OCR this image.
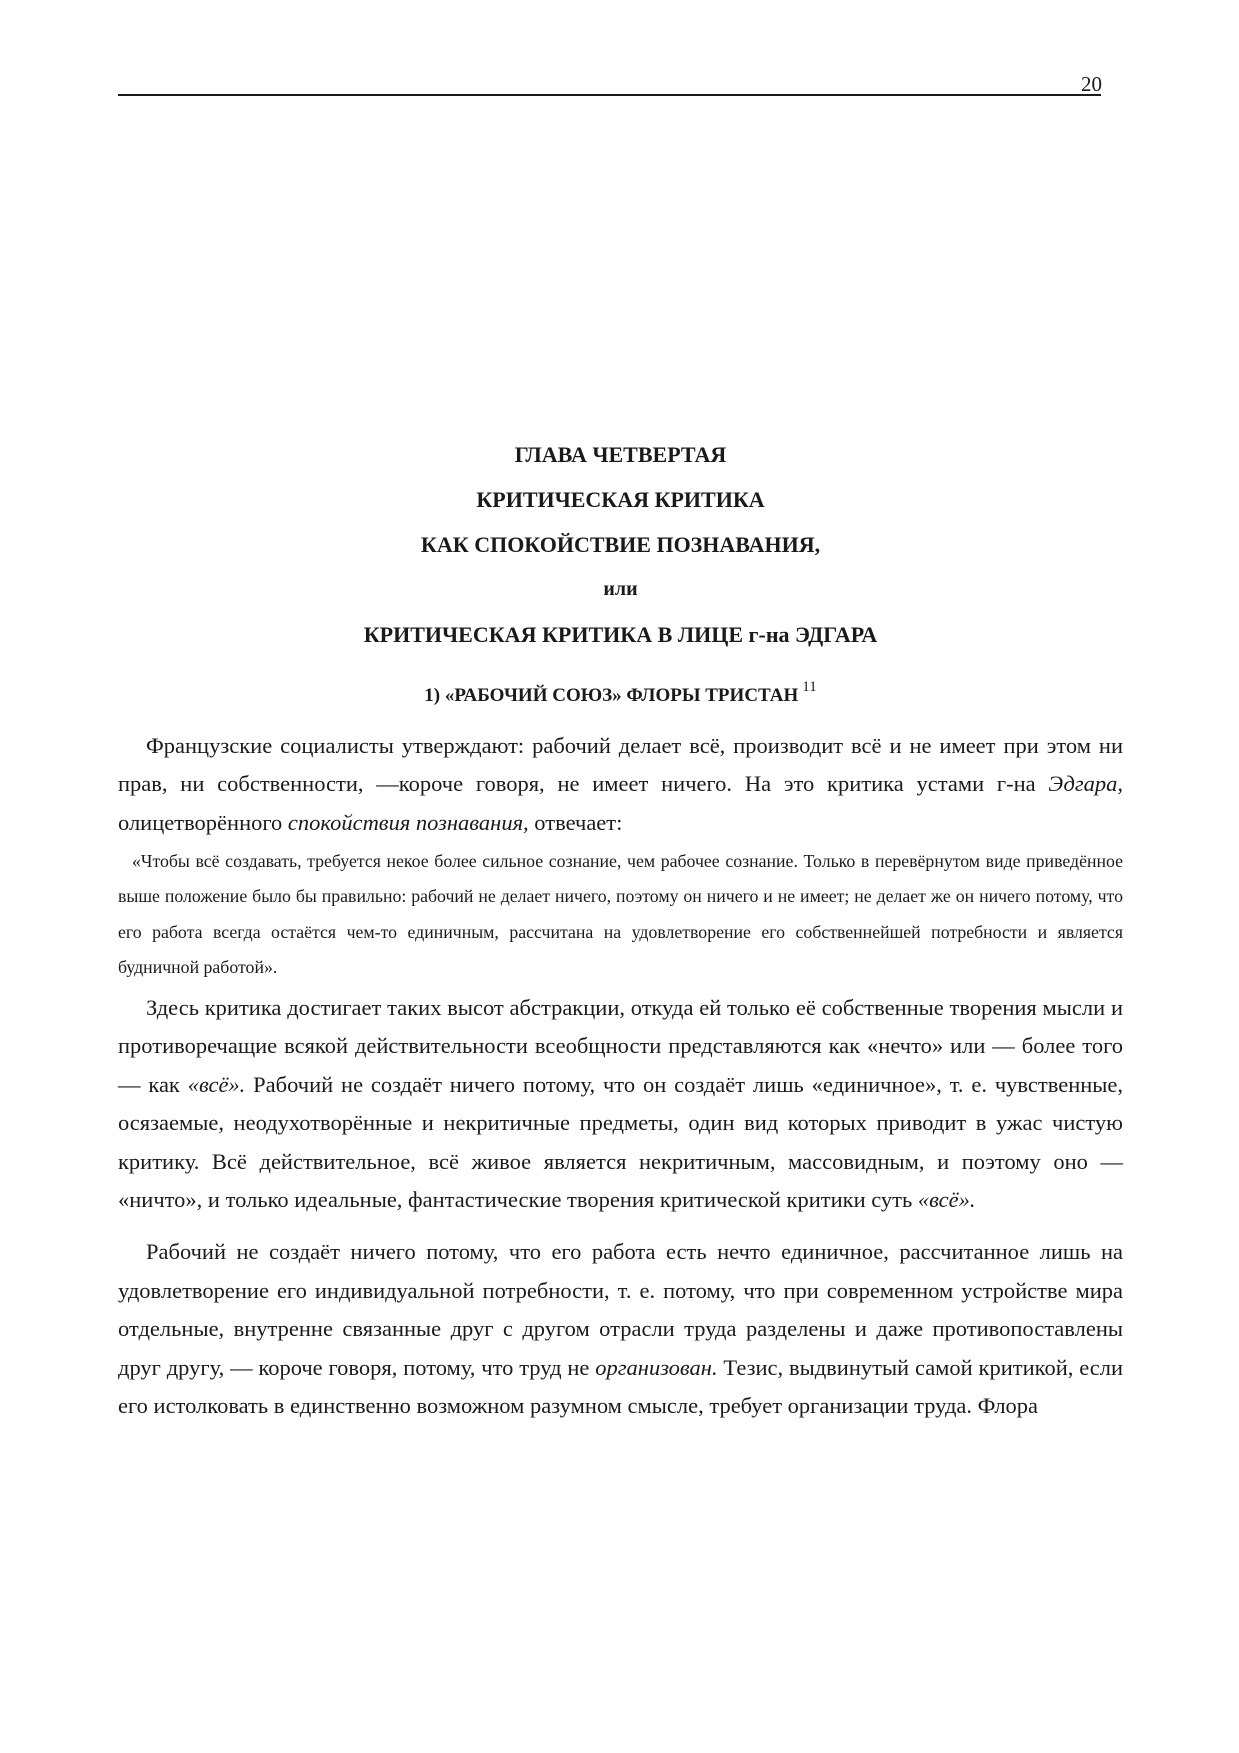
20
ГЛАВА ЧЕТВЕРТАЯ
КРИТИЧЕСКАЯ КРИТИКА
КАК СПОКОЙСТВИЕ ПОЗНАВАНИЯ,
или
КРИТИЧЕСКАЯ КРИТИКА В ЛИЦЕ г-на ЭДГАРА
1) «РАБОЧИЙ СОЮЗ» ФЛОРЫ ТРИСТАН $^{11}$

Французские социалисты утверждают: рабочий делает всё, производит всё и не имеет при этом ни прав, ни собственности, —короче говоря, не имеет ничего. На это критика устами г-на Эдгара, олицетворённого спокойствия познавания, отвечает:

«Чтобы всё создавать, требуется некое более сильное сознание, чем рабочее сознание. Только в перевёрнутом виде приведённое выше положение было бы правильно: рабочий не делает ничего, поэтому он ничего и не имеет; не делает же он ничего потому, что его работа всегда остаётся чем-то единичным, рассчитана на удовлетворение его собственнейшей потребности и является будничной работой».

Здесь критика достигает таких высот абстракции, откуда ей только её собственные творения мысли и противоречащие всякой действительности всеобщности представляются как «нечто» или — более того — как «всё». Рабочий не создаёт ничего потому, что он создаёт лишь «единичное», т. е. чувственные, осязаемые, неодухотворённые и некритичные предметы, один вид которых приводит в ужас чистую критику. Всё действительное, всё живое является некритичным, массовидным, и поэтому оно — «ничто», и только идеальные, фантастические творения критической критики суть «всё».

Рабочий не создаёт ничего потому, что его работа есть нечто единичное, рассчитанное лишь на удовлетворение его индивидуальной потребности, т. е. потому, что при современном устройстве мира отдельные, внутренне связанные друг с другом отрасли труда разделены и даже противопоставлены друг другу, — короче говоря, потому, что труд не организован. Тезис, выдвинутый самой критикой, если его истолковать в единственно возможном разумном смысле, требует организации труда. Флора
